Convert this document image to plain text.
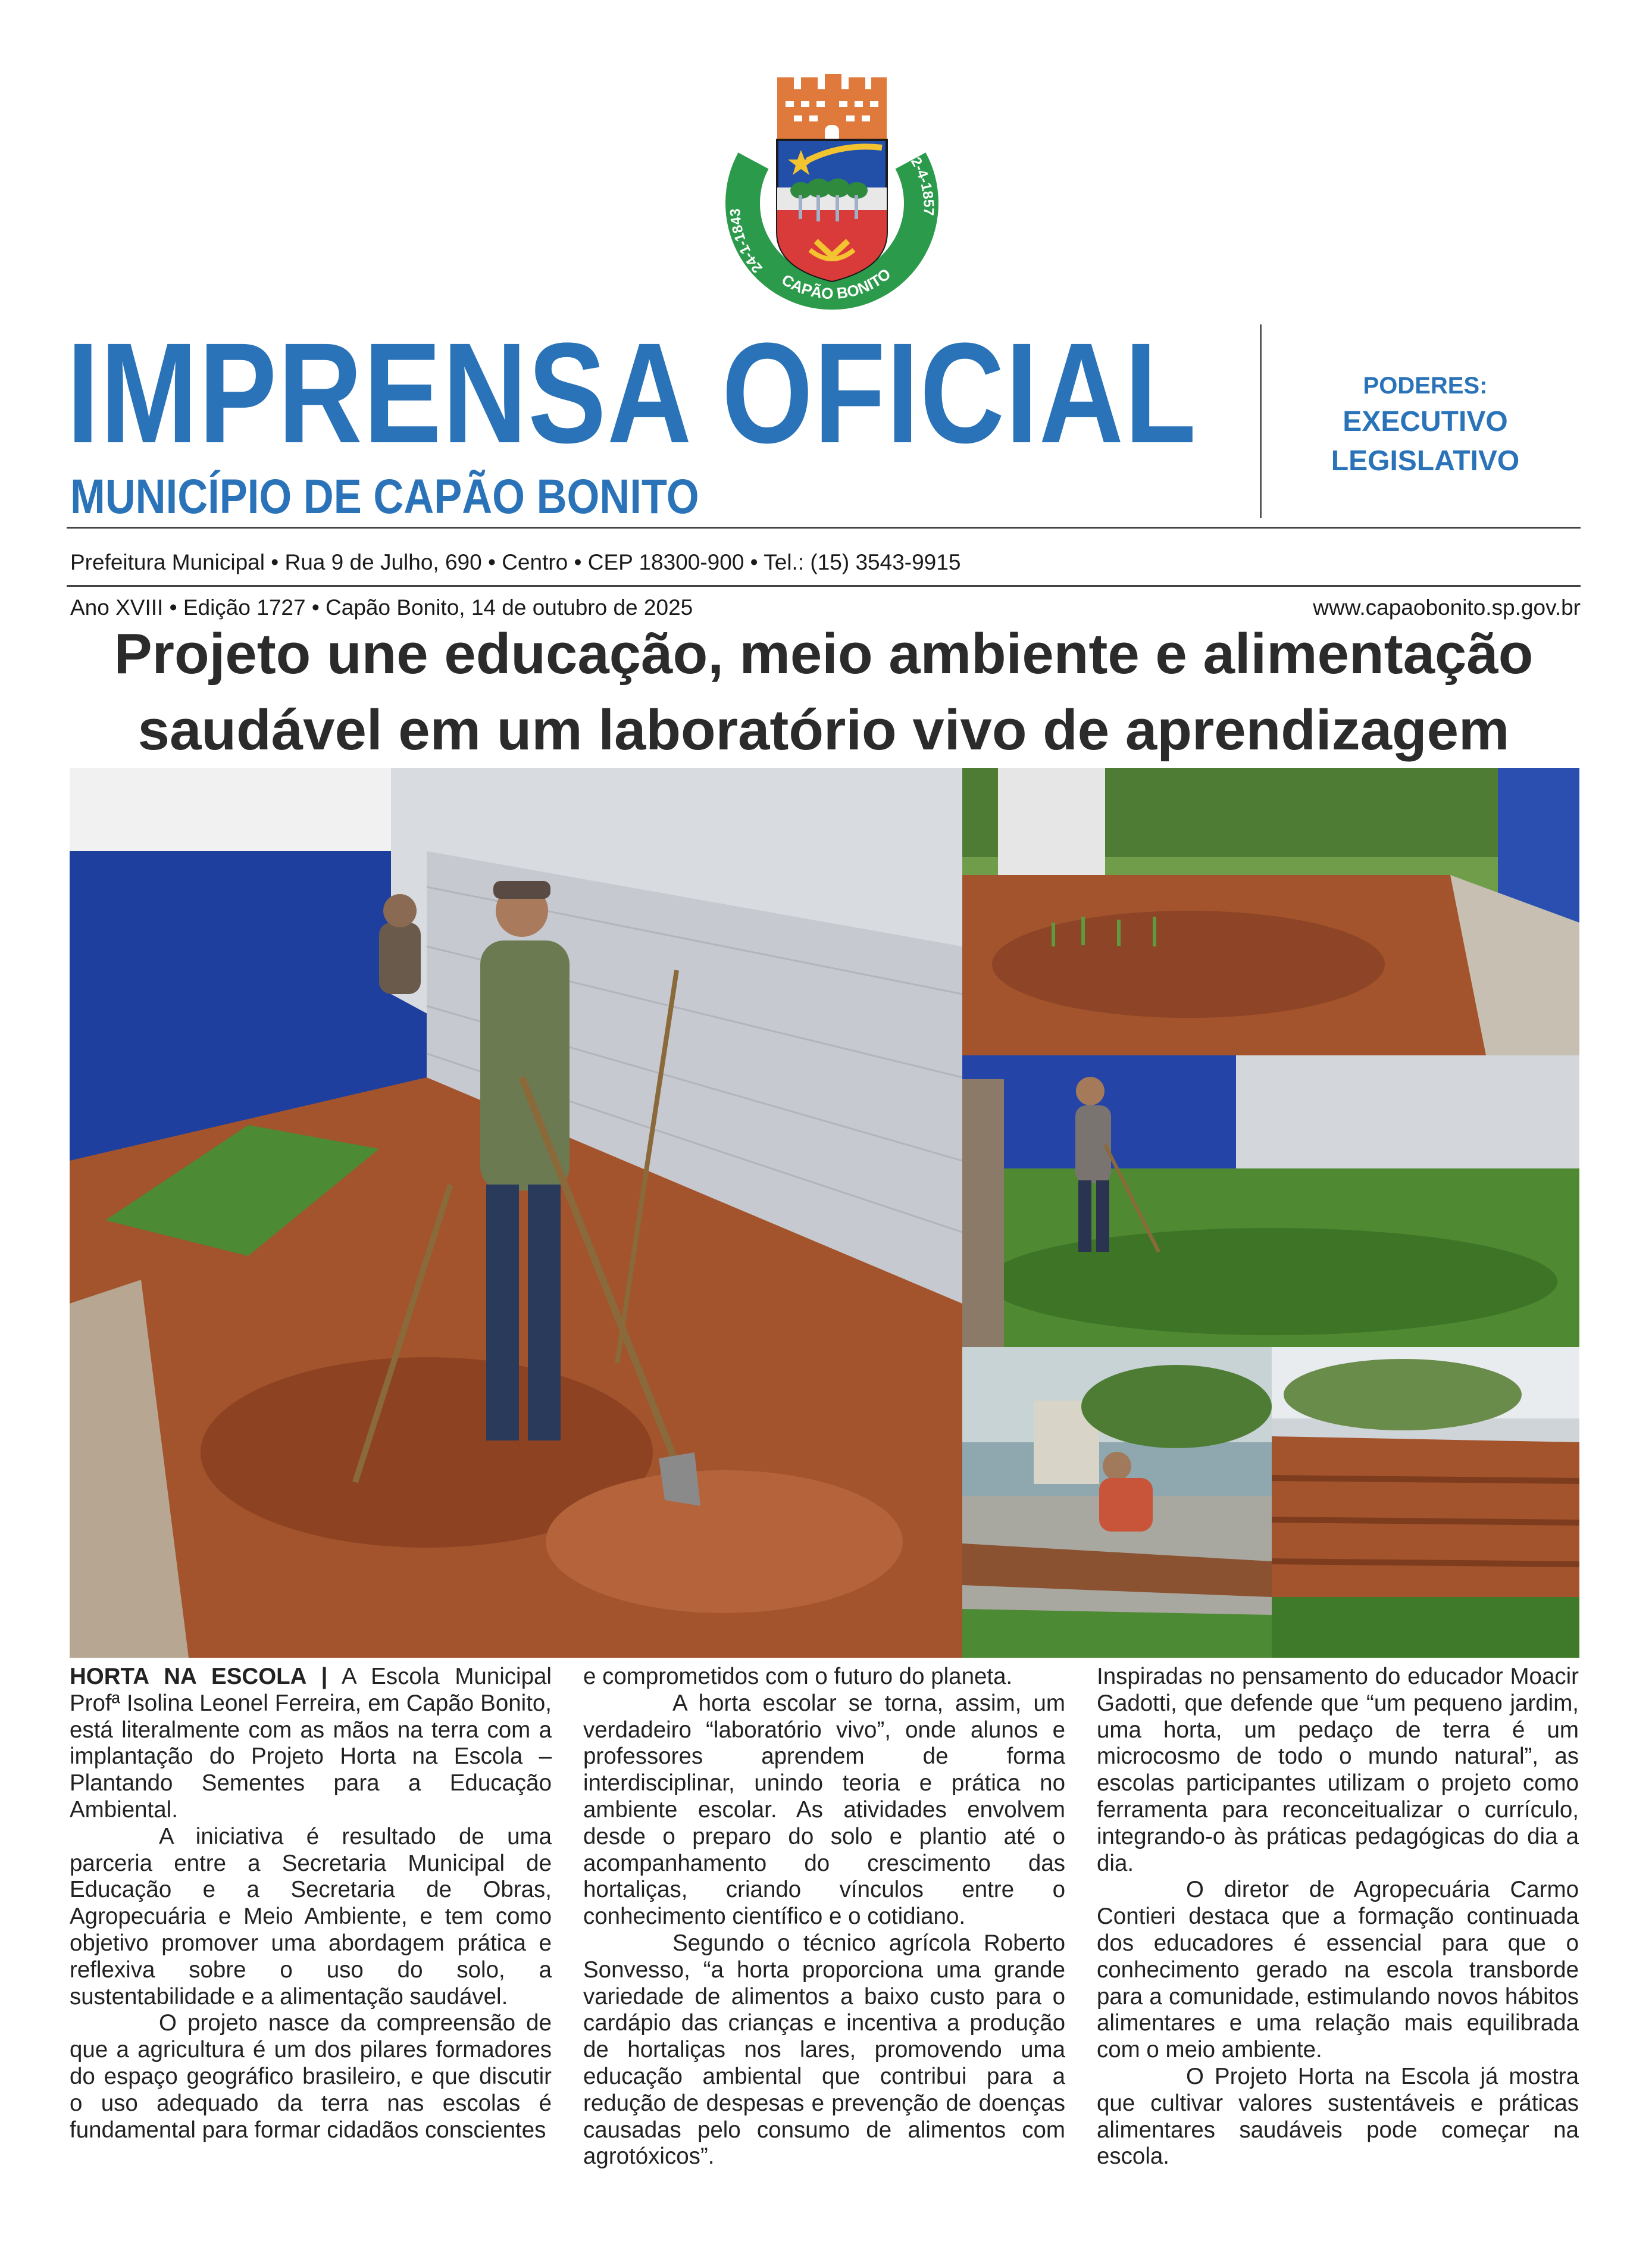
24-1-1843
2-4-1857
CAPÃO BONITO
IMPRENSA OFICIAL
MUNICÍPIO DE CAPÃO BONITO
PODERES:
EXECUTIVO
LEGISLATIVO
Prefeitura Municipal • Rua 9 de Julho, 690 • Centro • CEP 18300-900 • Tel.: (15) 3543-9915
Ano XVIII • Edição 1727 • Capão Bonito, 14 de outubro de 2025	www.capaobonito.sp.gov.br
Projeto une educação, meio ambiente e alimentação saudável em um laboratório vivo de aprendizagem

HORTA NA ESCOLA | A Escola Municipal Profª Isolina Leonel Ferreira, em Capão Bonito, está literalmente com as mãos na terra com a implantação do Projeto Horta na Escola – Plantando Sementes para a Educação Ambiental.

A iniciativa é resultado de uma parceria entre a Secretaria Municipal de Educação e a Secretaria de Obras, Agropecuária e Meio Ambiente, e tem como objetivo promover uma abordagem prática e reflexiva sobre o uso do solo, a sustentabilidade e a alimentação saudável.

O projeto nasce da compreensão de que a agricultura é um dos pilares formadores do espaço geográfico brasileiro, e que discutir o uso adequado da terra nas escolas é fundamental para formar cidadãos conscientes

e comprometidos com o futuro do planeta.

A horta escolar se torna, assim, um verdadeiro “laboratório vivo”, onde alunos e professores aprendem de forma interdisciplinar, unindo teoria e prática no ambiente escolar. As atividades envolvem desde o preparo do solo e plantio até o acompanhamento do crescimento das hortaliças, criando vínculos entre o conhecimento científico e o cotidiano.

Segundo o técnico agrícola Roberto Sonvesso, “a horta proporciona uma grande variedade de alimentos a baixo custo para o cardápio das crianças e incentiva a produção de hortaliças nos lares, promovendo uma educação ambiental que contribui para a redução de despesas e prevenção de doenças causadas pelo consumo de alimentos com agrotóxicos”.

Inspiradas no pensamento do educador Moacir Gadotti, que defende que “um pequeno jardim, uma horta, um pedaço de terra é um microcosmo de todo o mundo natural”, as escolas participantes utilizam o projeto como ferramenta para reconceitualizar o currículo, integrando-o às práticas pedagógicas do dia a dia.

O diretor de Agropecuária Carmo Contieri destaca que a formação continuada dos educadores é essencial para que o conhecimento gerado na escola transborde para a comunidade, estimulando novos hábitos alimentares e uma relação mais equilibrada com o meio ambiente.

O Projeto Horta na Escola já mostra que cultivar valores sustentáveis e práticas alimentares saudáveis pode começar na escola.
